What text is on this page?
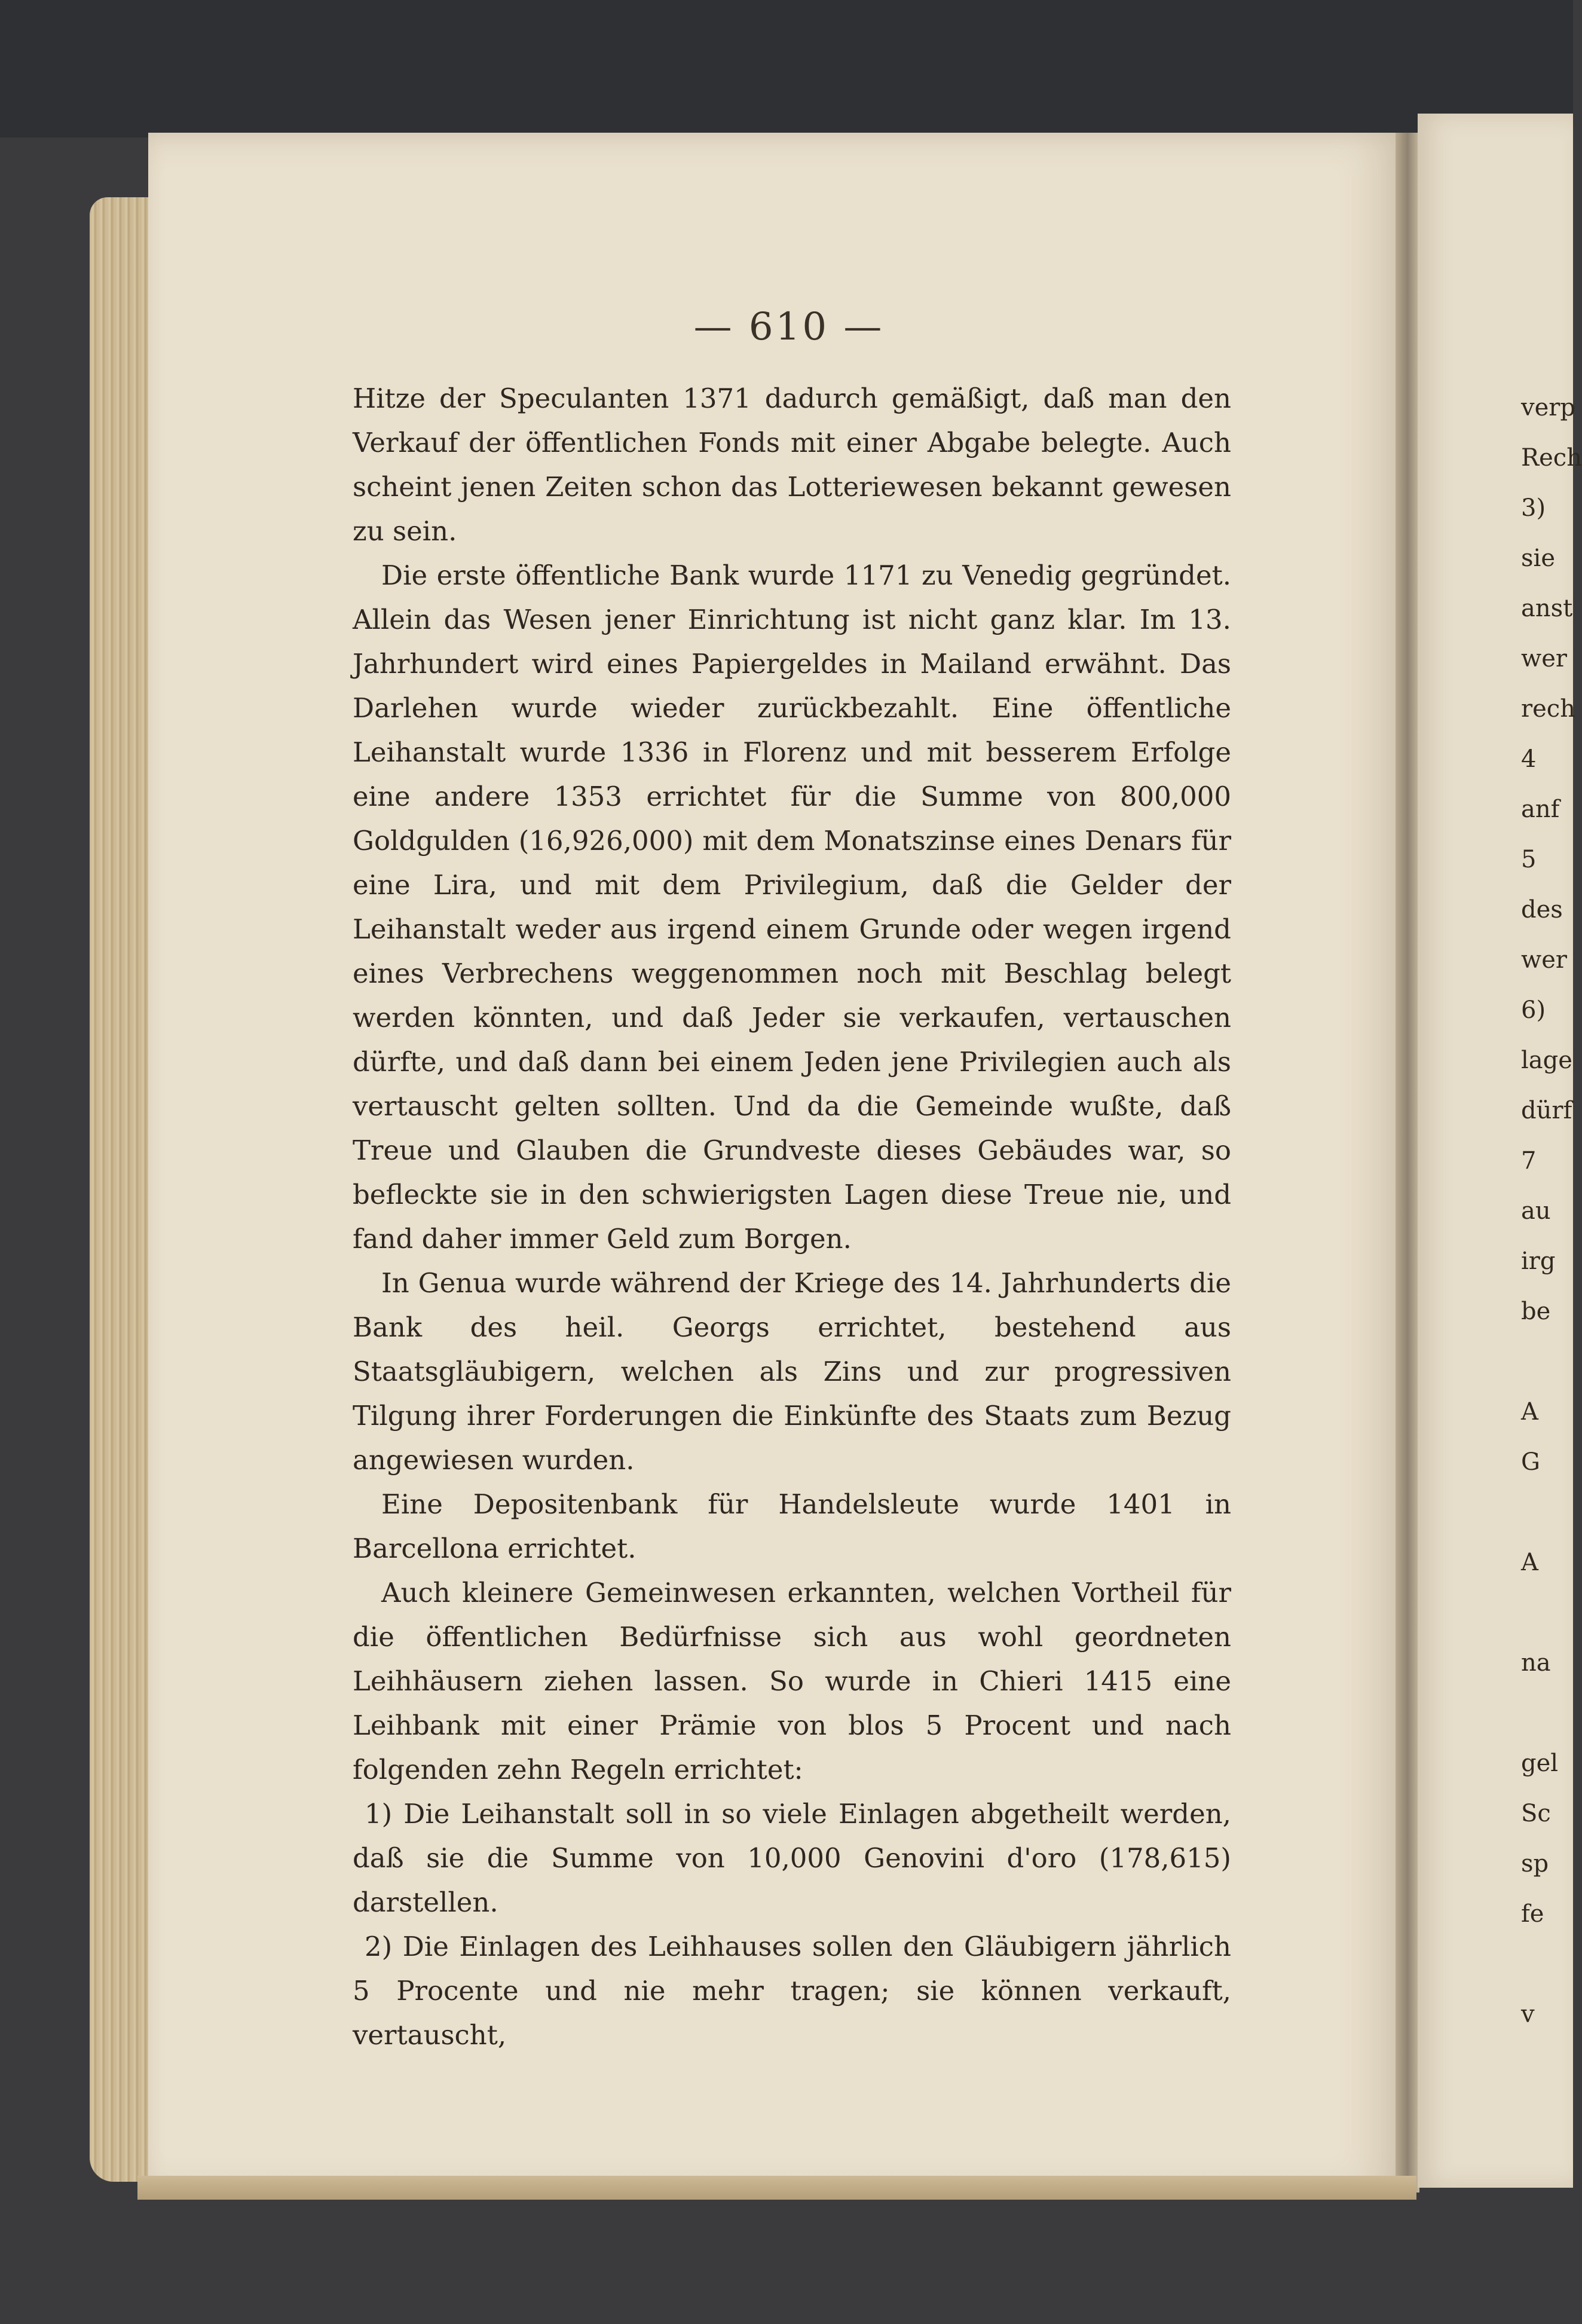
— 610 —

Hitze der Speculanten 1371 dadurch gemäßigt, daß man den Verkauf der öffentlichen Fonds mit einer Abgabe belegte. Auch scheint jenen Zeiten schon das Lotteriewesen bekannt gewesen zu sein.

Die erste öffentliche Bank wurde 1171 zu Venedig gegründet. Allein das Wesen jener Einrichtung ist nicht ganz klar. Im 13. Jahrhundert wird eines Papiergeldes in Mailand erwähnt. Das Darlehen wurde wieder zurückbezahlt. Eine öffentliche Leihanstalt wurde 1336 in Florenz und mit besserem Erfolge eine andere 1353 errichtet für die Summe von 800,000 Goldgulden (16,926,000) mit dem Monatszinse eines Denars für eine Lira, und mit dem Privilegium, daß die Gelder der Leihanstalt weder aus irgend einem Grunde oder wegen irgend eines Verbrechens weggenommen noch mit Beschlag belegt werden könnten, und daß Jeder sie verkaufen, vertauschen dürfte, und daß dann bei einem Jeden jene Privilegien auch als vertauscht gelten sollten. Und da die Gemeinde wußte, daß Treue und Glauben die Grundveste dieses Gebäudes war, so befleckte sie in den schwierigsten Lagen diese Treue nie, und fand daher immer Geld zum Borgen.

In Genua wurde während der Kriege des 14. Jahrhunderts die Bank des heil. Georgs errichtet, bestehend aus Staatsgläubigern, welchen als Zins und zur progressiven Tilgung ihrer Forderungen die Einkünfte des Staats zum Bezug angewiesen wurden.

Eine Depositenbank für Handelsleute wurde 1401 in Barcellona errichtet.

Auch kleinere Gemeinwesen erkannten, welchen Vortheil für die öffentlichen Bedürfnisse sich aus wohl geordneten Leihhäusern ziehen lassen. So wurde in Chieri 1415 eine Leihbank mit einer Prämie von blos 5 Procent und nach folgenden zehn Regeln errichtet:

1) Die Leihanstalt soll in so viele Einlagen abgetheilt werden, daß sie die Summe von 10,000 Genovini d'oro (178,615) darstellen.

2) Die Einlagen des Leihhauses sollen den Gläubigern jährlich 5 Procente und nie mehr tragen; sie können verkauft, vertauscht,

verp
Rech
3)
sie
anst
wer
rech
4
anf
5
des
wer
6)
lage
dürf
7
au
irg
be
A
G
A
na
gel
Sc
sp
fe
v
